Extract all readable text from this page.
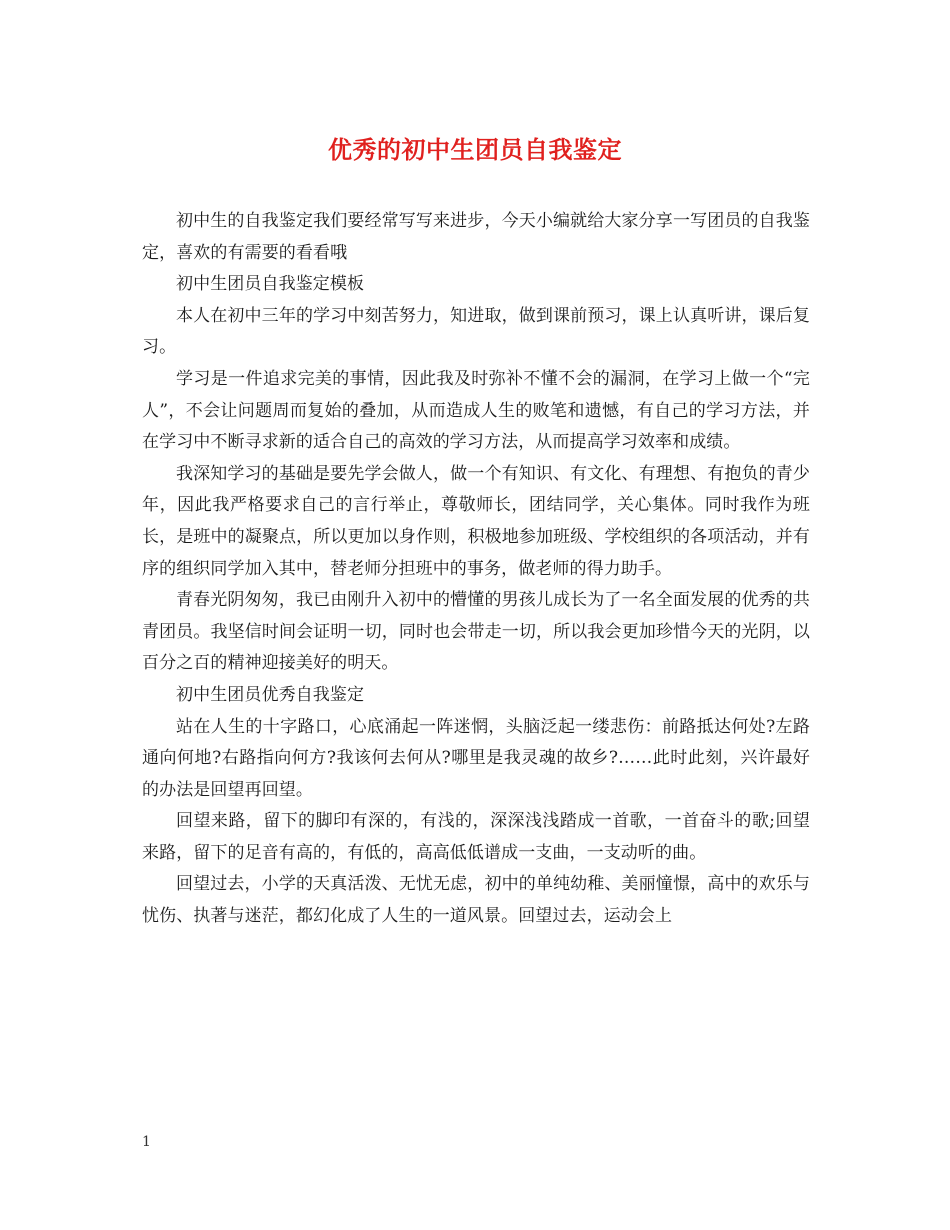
优秀的初中生团员自我鉴定

初中生的自我鉴定我们要经常写写来进步，今天小编就给大家分享一写团员的自我鉴定，喜欢的有需要的看看哦

初中生团员自我鉴定模板

本人在初中三年的学习中刻苦努力，知进取，做到课前预习，课上认真听讲，课后复习。

学习是一件追求完美的事情，因此我及时弥补不懂不会的漏洞，在学习上做一个“完人”，不会让问题周而复始的叠加，从而造成人生的败笔和遗憾，有自己的学习方法，并在学习中不断寻求新的适合自己的高效的学习方法，从而提高学习效率和成绩。

我深知学习的基础是要先学会做人，做一个有知识、有文化、有理想、有抱负的青少年，因此我严格要求自己的言行举止，尊敬师长，团结同学，关心集体。同时我作为班长，是班中的凝聚点，所以更加以身作则，积极地参加班级、学校组织的各项活动，并有序的组织同学加入其中，替老师分担班中的事务，做老师的得力助手。

青春光阴匆匆，我已由刚升入初中的懵懂的男孩儿成长为了一名全面发展的优秀的共青团员。我坚信时间会证明一切，同时也会带走一切，所以我会更加珍惜今天的光阴，以百分之百的精神迎接美好的明天。

初中生团员优秀自我鉴定

站在人生的十字路口，心底涌起一阵迷惘，头脑泛起一缕悲伤：前路抵达何处?左路通向何地?右路指向何方?我该何去何从?哪里是我灵魂的故乡?……此时此刻，兴许最好的办法是回望再回望。

回望来路，留下的脚印有深的，有浅的，深深浅浅踏成一首歌，一首奋斗的歌;回望来路，留下的足音有高的，有低的，高高低低谱成一支曲，一支动听的曲。

回望过去，小学的天真活泼、无忧无虑，初中的单纯幼稚、美丽憧憬，高中的欢乐与忧伤、执著与迷茫，都幻化成了人生的一道风景。回望过去，运动会上

1
